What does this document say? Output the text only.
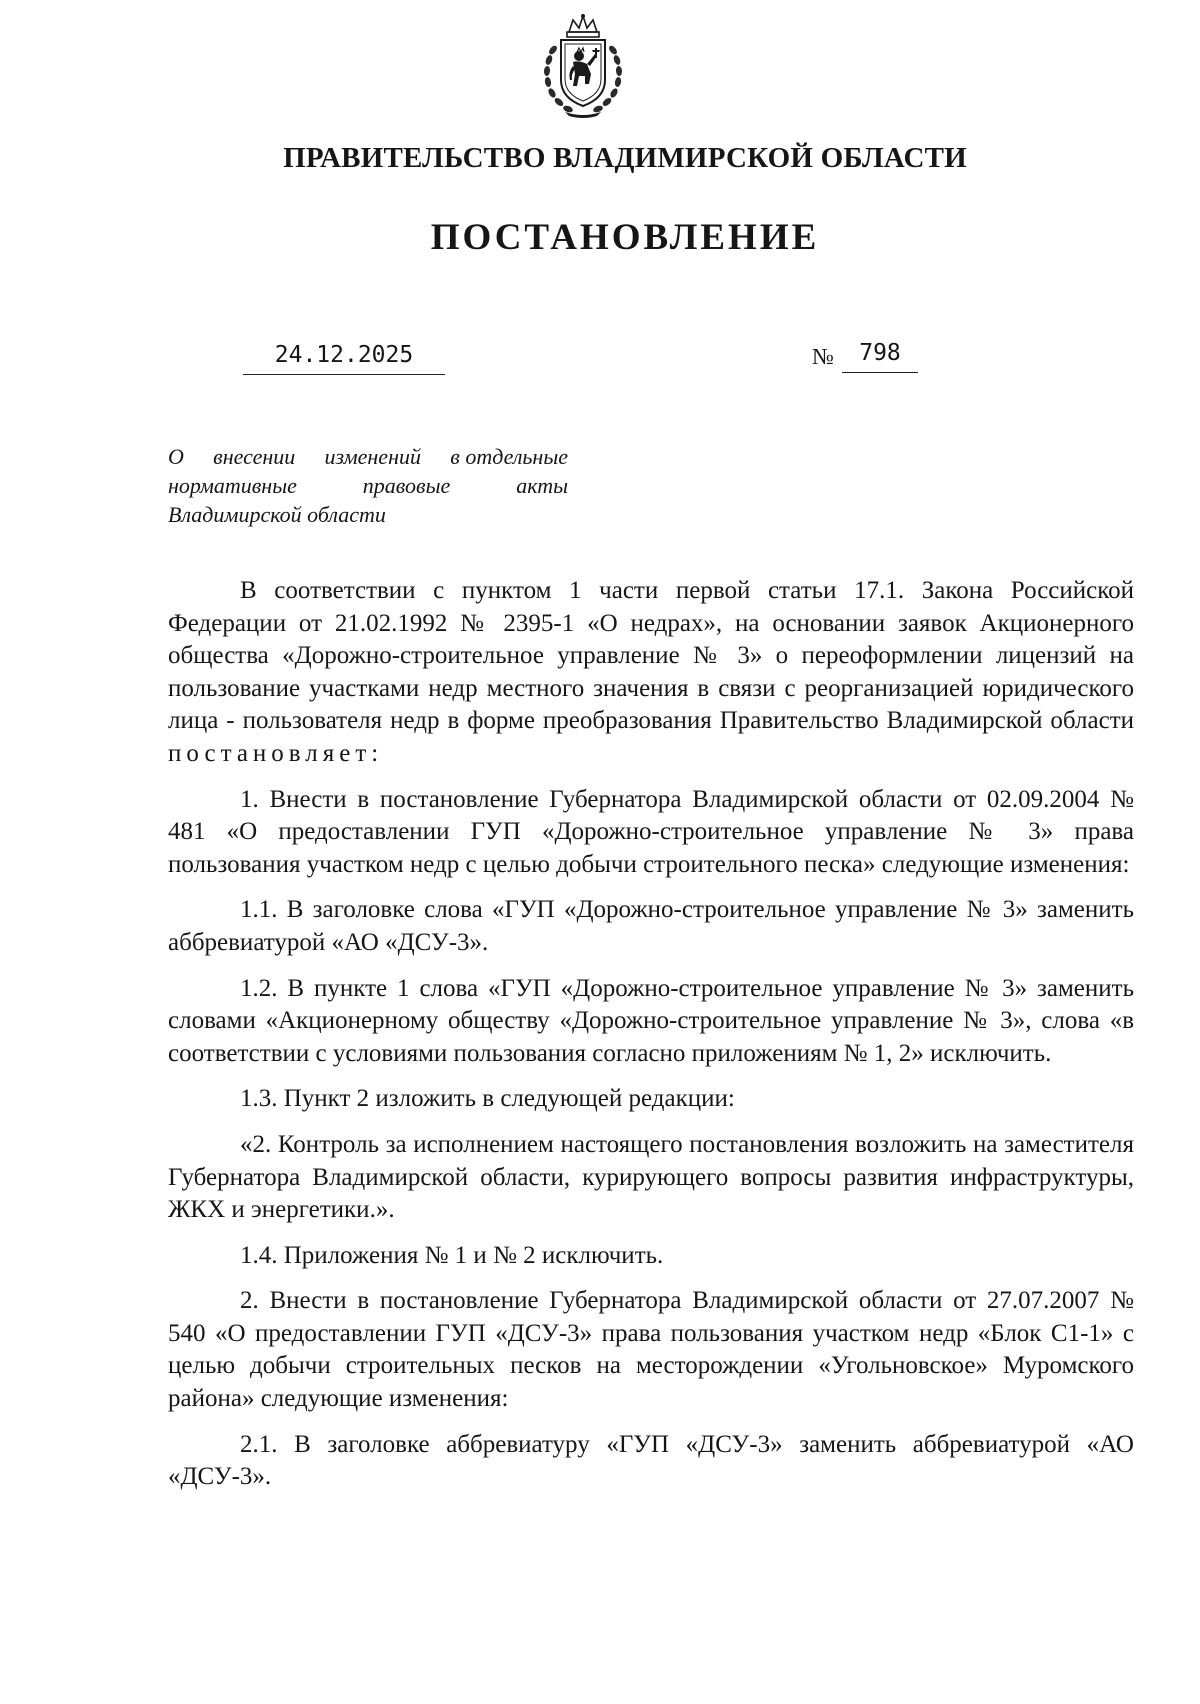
ПРАВИТЕЛЬСТВО ВЛАДИМИРСКОЙ ОБЛАСТИ
ПОСТАНОВЛЕНИЕ
24.12.2025	№	798
О внесении изменений в отдельные
нормативные	правовые	акты
Владимирской области

В соответствии с пунктом 1 части первой статьи 17.1. Закона Российской Федерации от 21.02.1992 № 2395-1 «О недрах», на основании заявок Акционерного общества «Дорожно-строительное управление № 3» о переоформлении лицензий на пользование участками недр местного значения в связи с реорганизацией юридического лица - пользователя недр в форме преобразования Правительство Владимирской области постановляет:

1. Внести в постановление Губернатора Владимирской области от 02.09.2004 № 481 «О предоставлении ГУП «Дорожно-строительное управление № 3» права пользования участком недр с целью добычи строительного песка» следующие изменения:

1.1. В заголовке слова «ГУП «Дорожно-строительное управление № 3» заменить аббревиатурой «АО «ДСУ-3».

1.2. В пункте 1 слова «ГУП «Дорожно-строительное управление № 3» заменить словами «Акционерному обществу «Дорожно-строительное управление № 3», слова «в соответствии с условиями пользования согласно приложениям № 1, 2» исключить.

1.3. Пункт 2 изложить в следующей редакции:

«2. Контроль за исполнением настоящего постановления возложить на заместителя Губернатора Владимирской области, курирующего вопросы развития инфраструктуры, ЖКХ и энергетики.».

1.4. Приложения № 1 и № 2 исключить.

2. Внести в постановление Губернатора Владимирской области от 27.07.2007 № 540 «О предоставлении ГУП «ДСУ-3» права пользования участком недр «Блок С1-1» с целью добычи строительных песков на месторождении «Угольновское» Муромского района» следующие изменения:

2.1. В заголовке аббревиатуру «ГУП «ДСУ-3» заменить аббревиатурой «АО «ДСУ-3».
